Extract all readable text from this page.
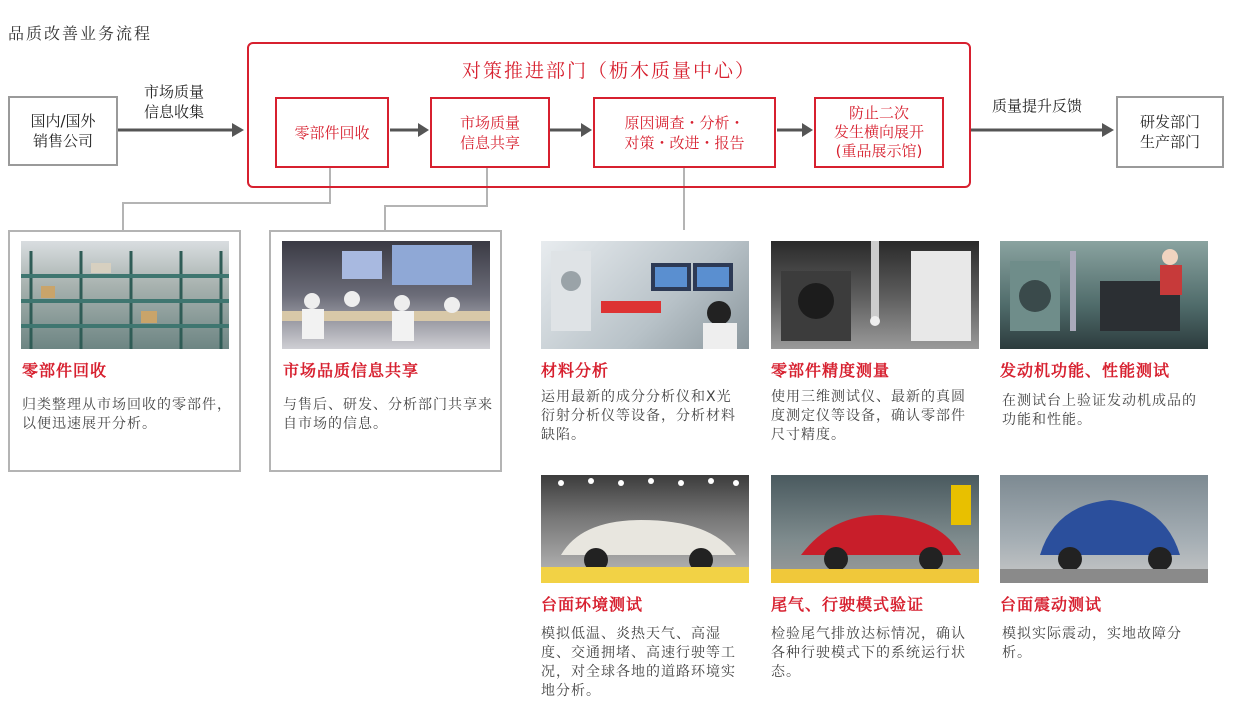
品质改善业务流程
对策推进部门（枥木质量中心）
国内/国外
销售公司
市场质量
信息收集	质量提升反馈
研发部门
生产部门
零部件回收
市场质量
信息共享
原因调查・分析・
对策・改进・报告
防止二次
发生横向展开
(重品展示馆)
零部件回收
归类整理从市场回收的零部件，以便迅速展开分析。
市场品质信息共享
与售后、研发、分析部门共享来自市场的信息。
材料分析
运用最新的成分分析仪和X光衍射分析仪等设备，分析材料缺陷。
零部件精度测量
使用三维测试仪、最新的真圆度测定仪等设备，确认零部件尺寸精度。
发动机功能、性能测试
在测试台上验证发动机成品的功能和性能。
台面环境测试
模拟低温、炎热天气、高湿度、交通拥堵、高速行驶等工况，对全球各地的道路环境实地分析。
尾气、行驶模式验证
检验尾气排放达标情况，确认各种行驶模式下的系统运行状态。
台面震动测试
模拟实际震动，实地故障分析。
